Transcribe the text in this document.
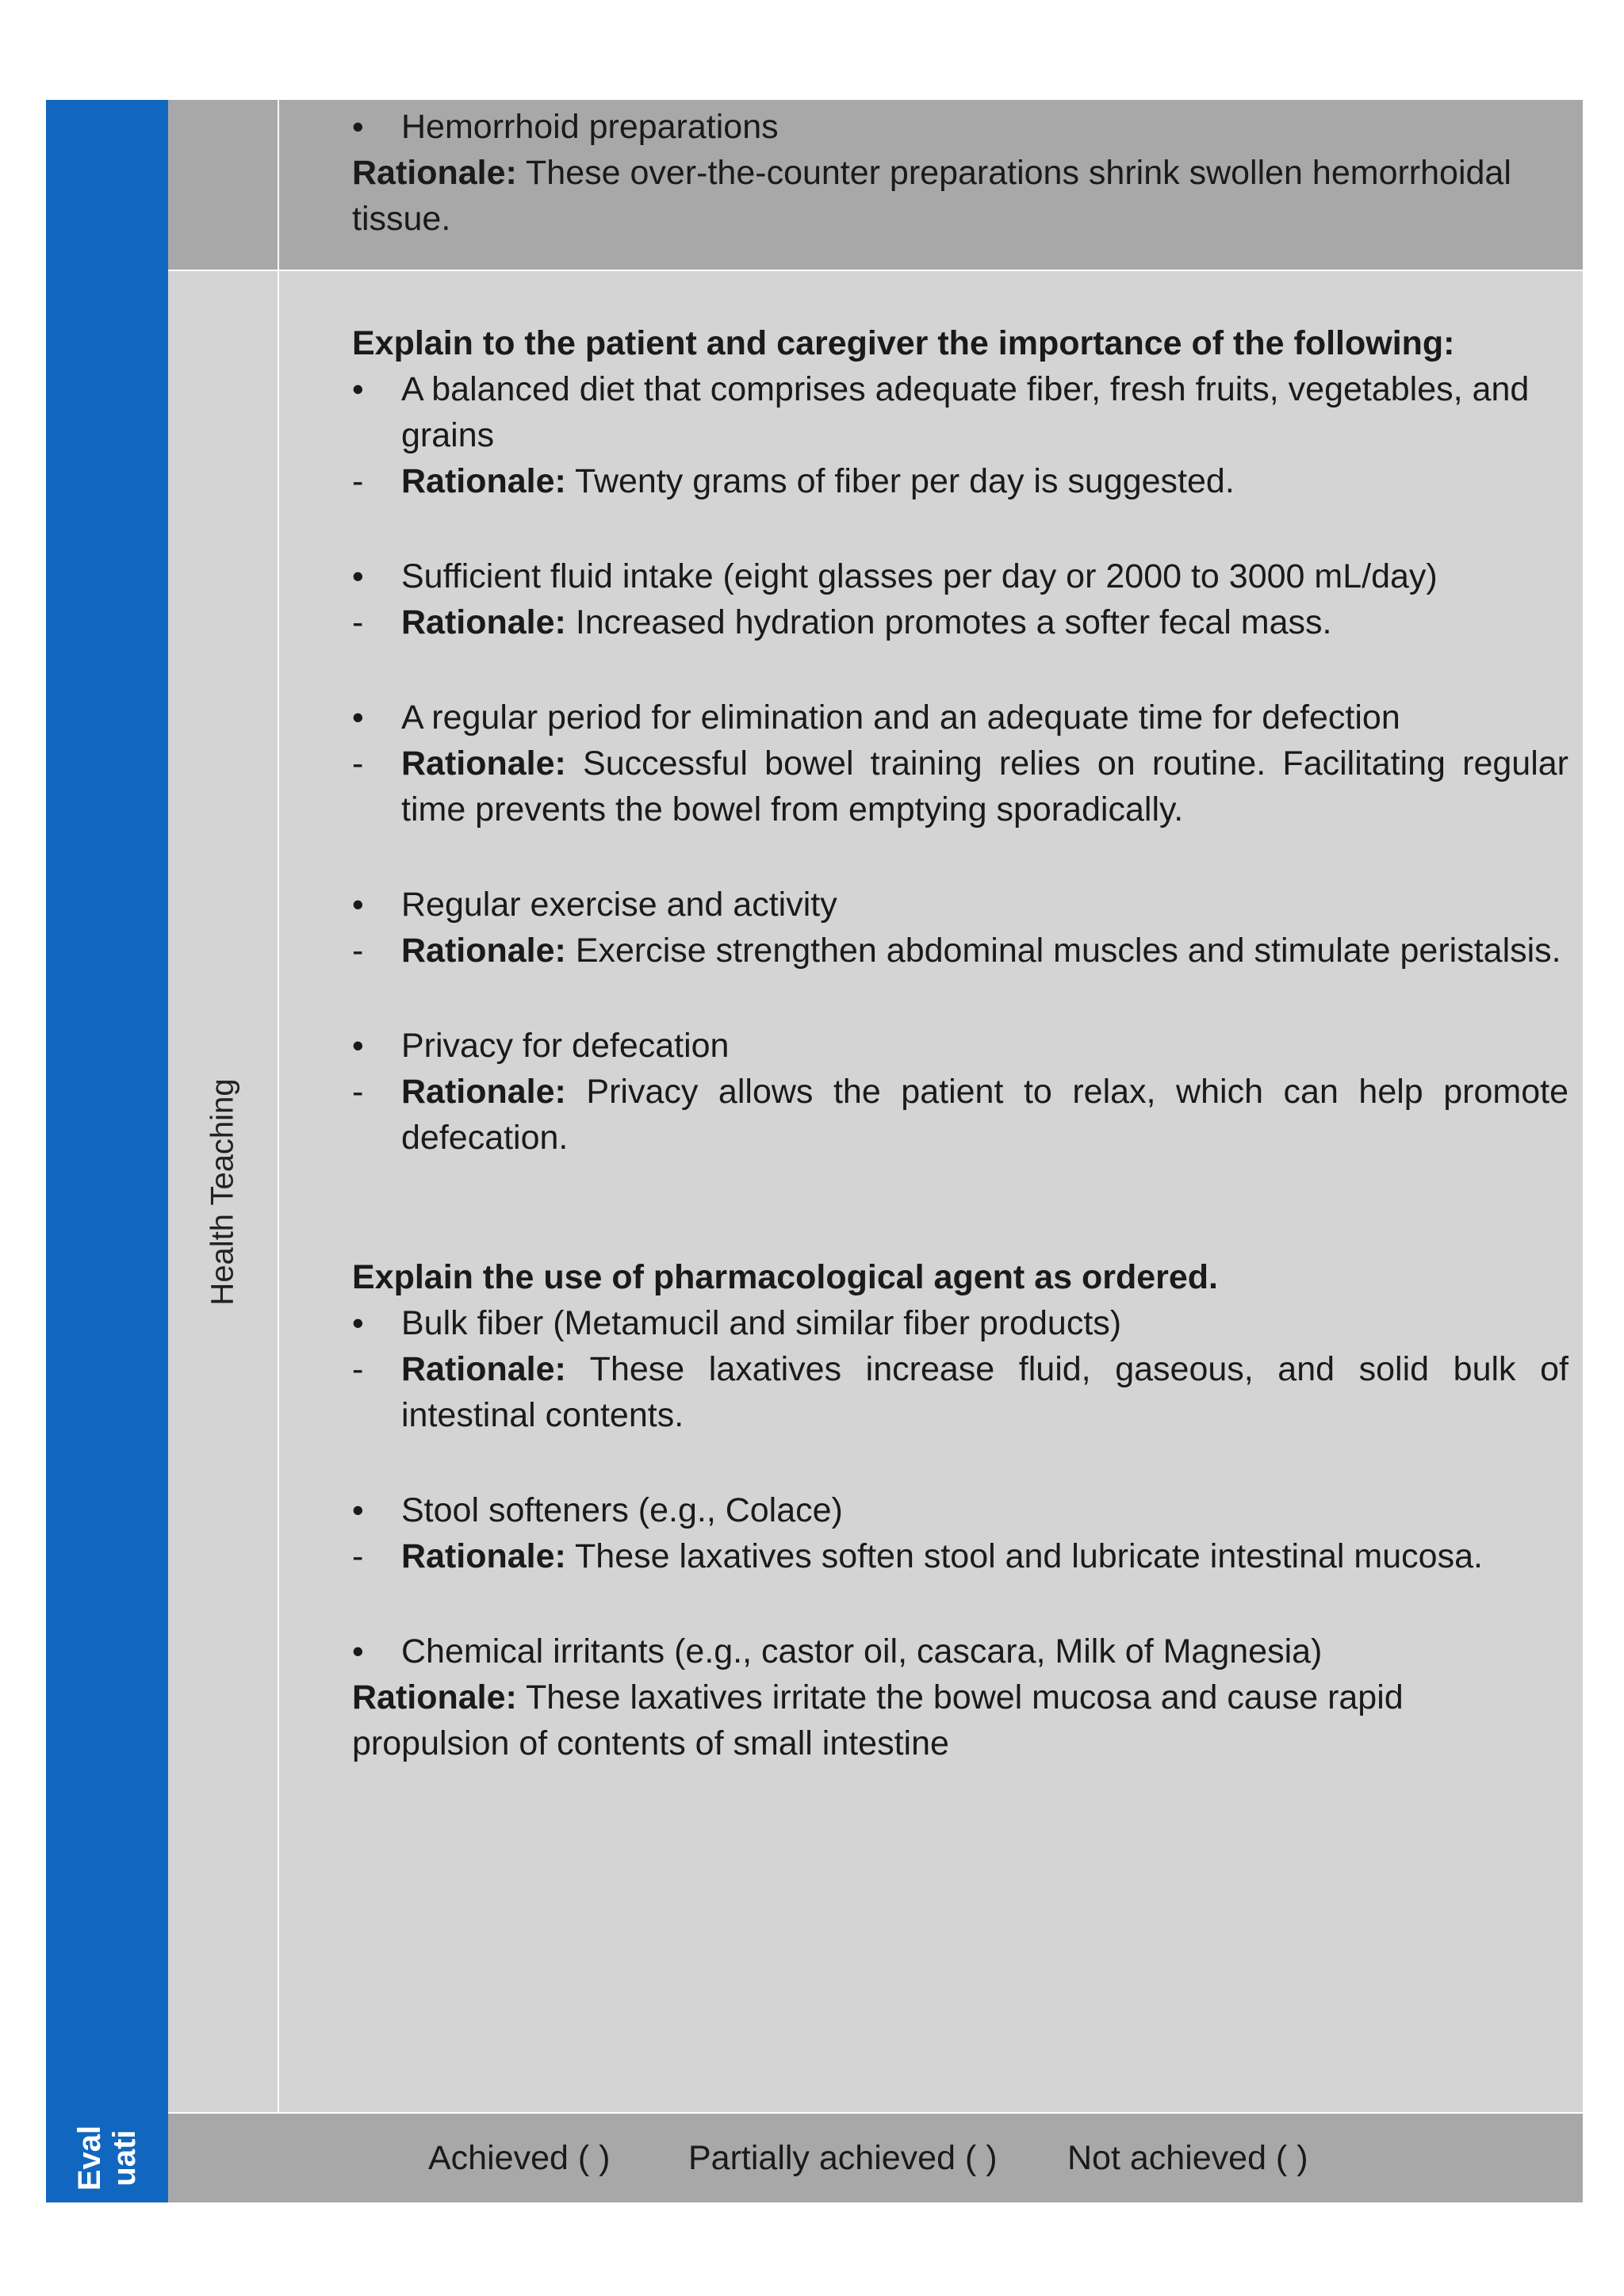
Eval
uati
Health Teaching
• Hemorrhoid preparations
Rationale: These over-the-counter preparations shrink swollen hemorrhoidal tissue.
Explain to the patient and caregiver the importance of the following:
• A balanced diet that comprises adequate fiber, fresh fruits, vegetables, and grains
- Rationale: Twenty grams of fiber per day is suggested.
• Sufficient fluid intake (eight glasses per day or 2000 to 3000 mL/day)
- Rationale: Increased hydration promotes a softer fecal mass.
• A regular period for elimination and an adequate time for defection
- Rationale: Successful bowel training relies on routine. Facilitating regular time prevents the bowel from emptying sporadically.
• Regular exercise and activity
- Rationale: Exercise strengthen abdominal muscles and stimulate peristalsis.
• Privacy for defecation
- Rationale: Privacy allows the patient to relax, which can help promote defecation.
Explain the use of pharmacological agent as ordered.
• Bulk fiber (Metamucil and similar fiber products)
- Rationale: These laxatives increase fluid, gaseous, and solid bulk of intestinal contents.
• Stool softeners (e.g., Colace)
- Rationale: These laxatives soften stool and lubricate intestinal mucosa.
• Chemical irritants (e.g., castor oil, cascara, Milk of Magnesia)
Rationale: These laxatives irritate the bowel mucosa and cause rapid propulsion of contents of small intestine
Achieved ( ) Partially achieved ( ) Not achieved ( )
